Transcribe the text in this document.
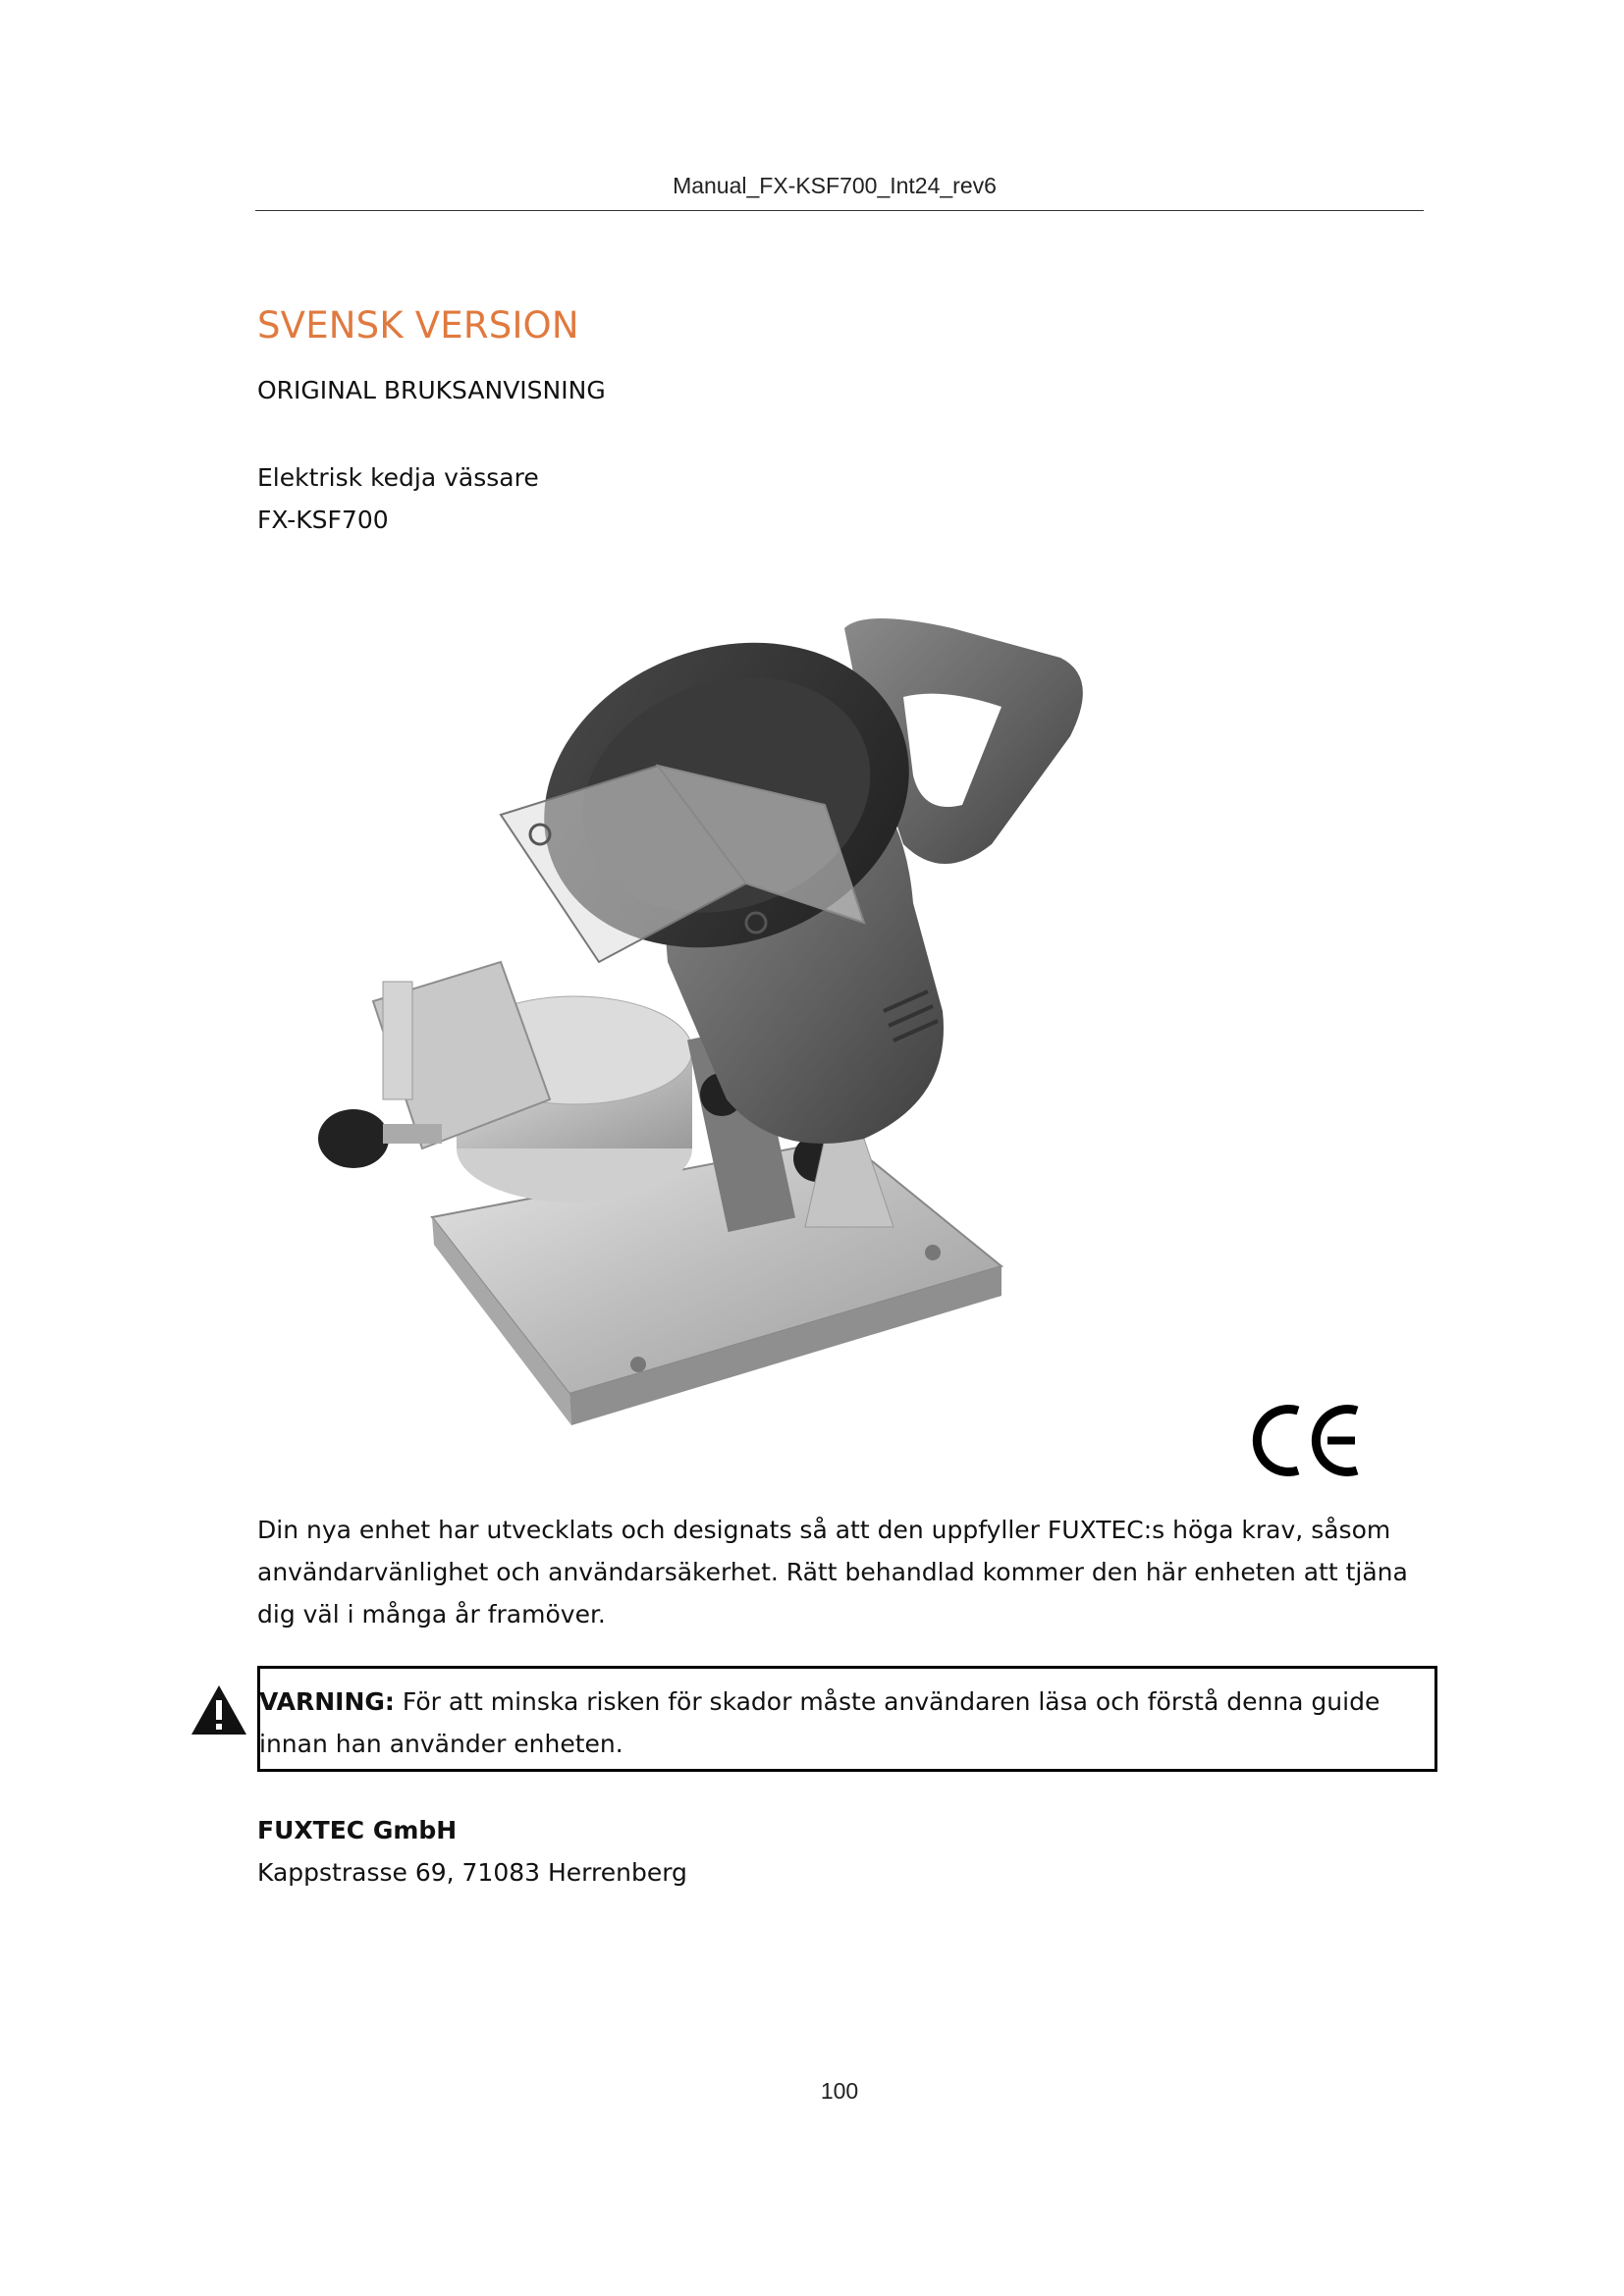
Manual_FX-KSF700_Int24_rev6
SVENSK VERSION
ORIGINAL BRUKSANVISNING
Elektrisk kedja vässare
FX-KSF700
Din nya enhet har utvecklats och designats så att den uppfyller FUXTEC:s höga krav, såsom användarvänlighet och användarsäkerhet. Rätt behandlad kommer den här enheten att tjäna dig väl i många år framöver.
VARNING: För att minska risken för skador måste användaren läsa och förstå denna guide innan han använder enheten.
FUXTEC GmbH
Kappstrasse 69, 71083 Herrenberg
100
